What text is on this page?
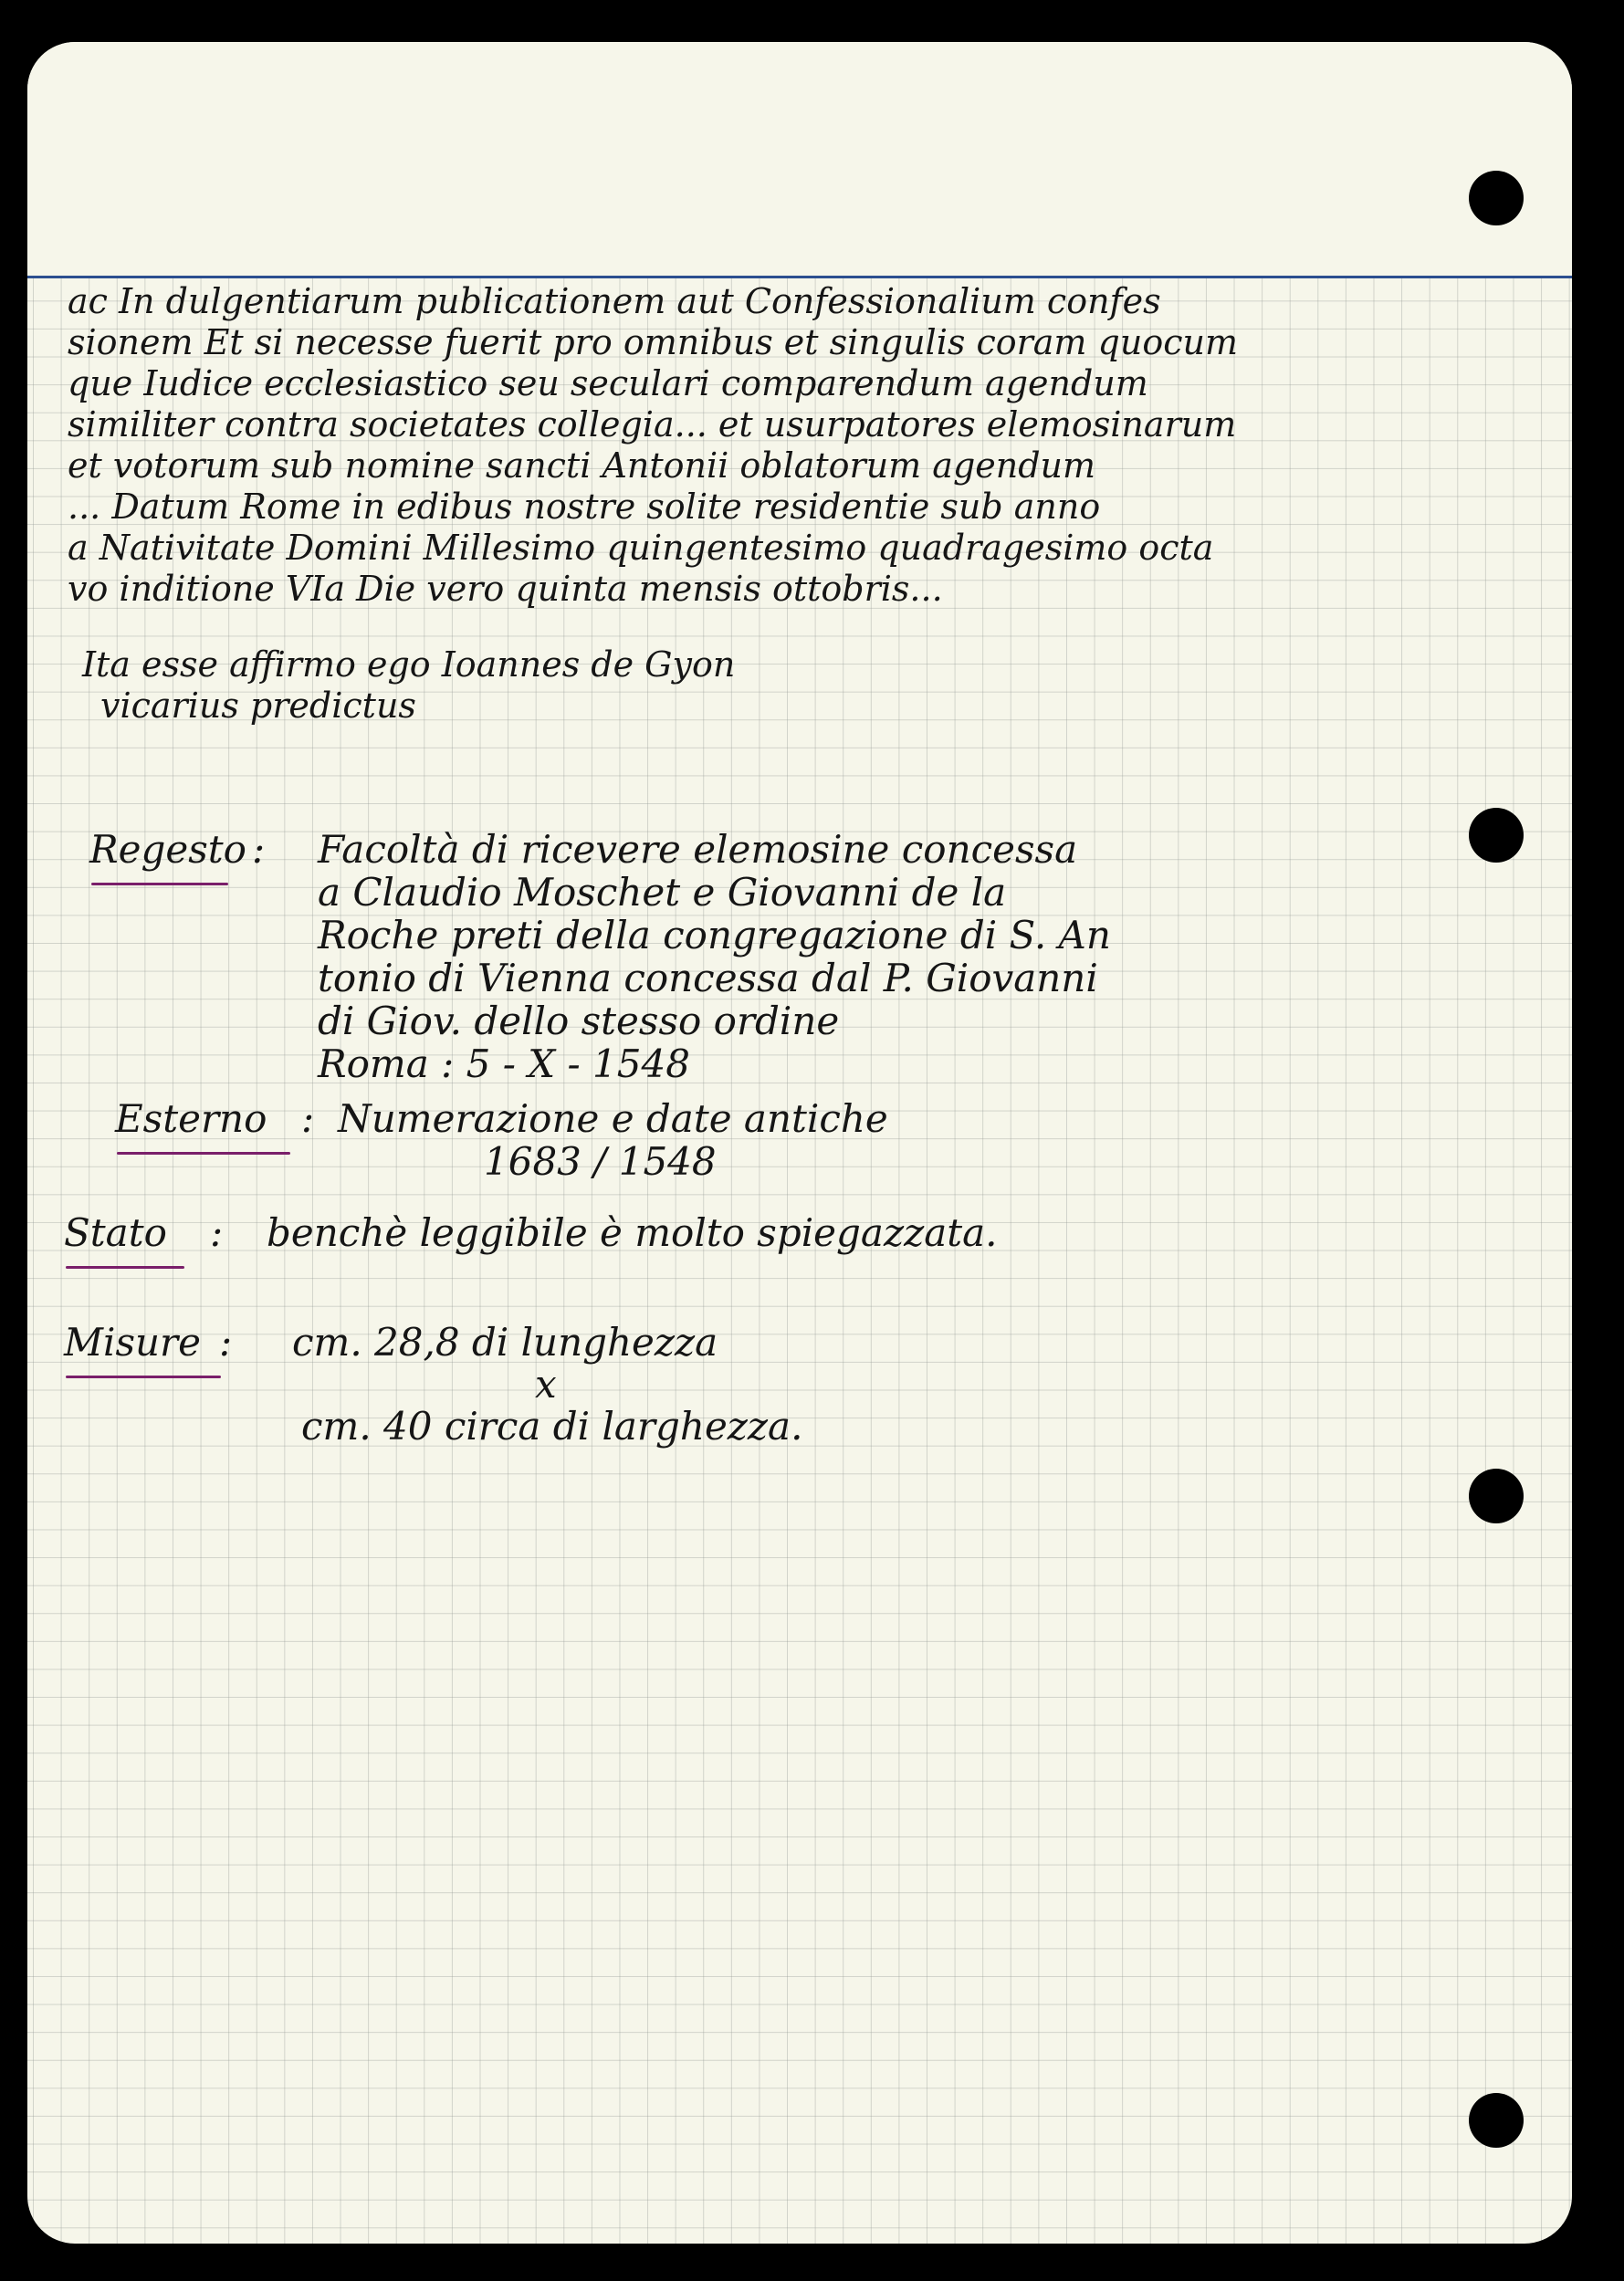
ac In dulgentiarum publicationem aut Confessionalium confes
sionem Et si necesse fuerit pro omnibus et singulis coram quocum
que Iudice ecclesiastico seu seculari comparendum agendum
similiter contra societates collegia... et usurpatores elemosinarum
et votorum sub nomine sancti Antonii oblatorum agendum
... Datum Rome in edibus nostre solite residentie sub anno
a Nativitate Domini Millesimo quingentesimo quadragesimo octa
vo inditione VIa Die vero quinta mensis ottobris...
Ita esse affirmo ego Ioannes de Gyon
vicarius predictus
Regesto : Facoltà di ricevere elemosine concessa
a Claudio Moschet e Giovanni de la
Roche preti della congregazione di S. An
tonio di Vienna concessa dal P. Giovanni
di Giov. dello stesso ordine
Roma : 5 - X - 1548
Esterno : Numerazione e date antiche
1683 / 1548
Stato : benchè leggibile è molto spiegazzata.
Misure : cm. 28,8 di lunghezza
x
cm. 40 circa di larghezza.
